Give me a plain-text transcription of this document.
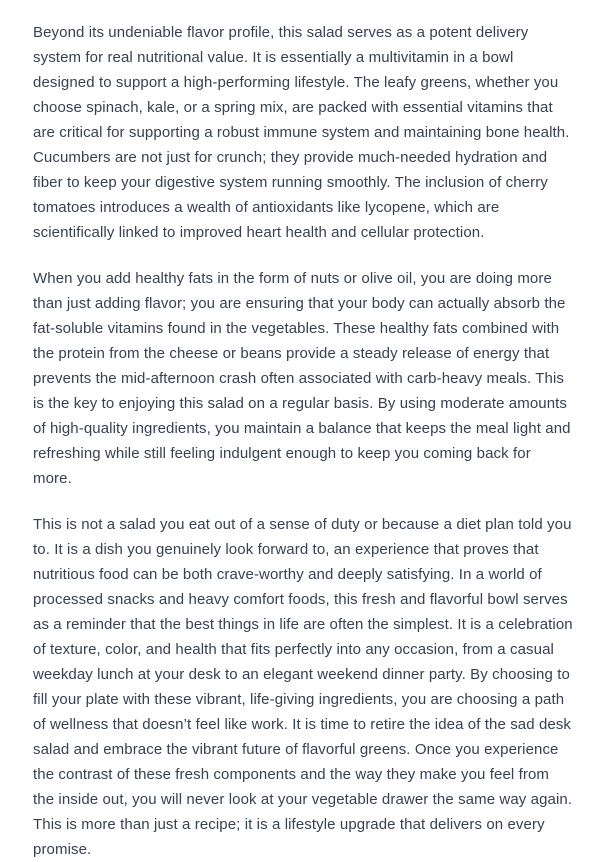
Beyond its undeniable flavor profile, this salad serves as a potent delivery system for real nutritional value. It is essentially a multivitamin in a bowl designed to support a high-performing lifestyle. The leafy greens, whether you choose spinach, kale, or a spring mix, are packed with essential vitamins that are critical for supporting a robust immune system and maintaining bone health. Cucumbers are not just for crunch; they provide much-needed hydration and fiber to keep your digestive system running smoothly. The inclusion of cherry tomatoes introduces a wealth of antioxidants like lycopene, which are scientifically linked to improved heart health and cellular protection.

When you add healthy fats in the form of nuts or olive oil, you are doing more than just adding flavor; you are ensuring that your body can actually absorb the fat-soluble vitamins found in the vegetables. These healthy fats combined with the protein from the cheese or beans provide a steady release of energy that prevents the mid-afternoon crash often associated with carb-heavy meals. This is the key to enjoying this salad on a regular basis. By using moderate amounts of high-quality ingredients, you maintain a balance that keeps the meal light and refreshing while still feeling indulgent enough to keep you coming back for more.

This is not a salad you eat out of a sense of duty or because a diet plan told you to. It is a dish you genuinely look forward to, an experience that proves that nutritious food can be both crave-worthy and deeply satisfying. In a world of processed snacks and heavy comfort foods, this fresh and flavorful bowl serves as a reminder that the best things in life are often the simplest. It is a celebration of texture, color, and health that fits perfectly into any occasion, from a casual weekday lunch at your desk to an elegant weekend dinner party. By choosing to fill your plate with these vibrant, life-giving ingredients, you are choosing a path of wellness that doesn’t feel like work. It is time to retire the idea of the sad desk salad and embrace the vibrant future of flavorful greens. Once you experience the contrast of these fresh components and the way they make you feel from the inside out, you will never look at your vegetable drawer the same way again. This is more than just a recipe; it is a lifestyle upgrade that delivers on every promise.
